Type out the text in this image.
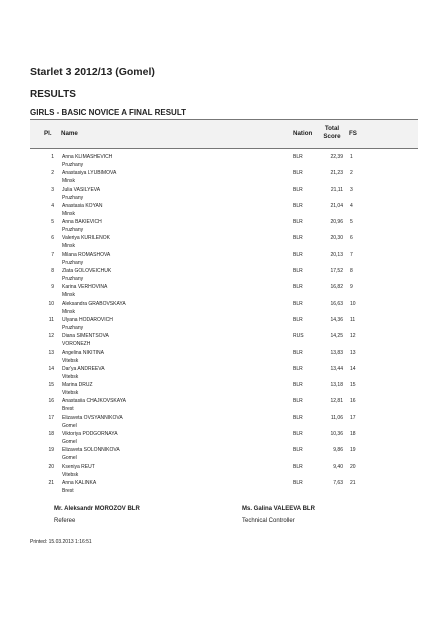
Starlet 3 2012/13 (Gomel)
RESULTS
GIRLS - BASIC NOVICE A FINAL RESULT
Pl. Name	Nation
Total
Score	FS
1 Anna KLIMASHEVICH
Pruzhany
BLR	22,39 1
2 Anastasiya LYUBIMOVA
Minsk
BLR	21,23 2
3 Julia VASILYEVA
Pruzhany
BLR	21,11 3
4 Anastasia KOYAN
Minsk
BLR	21,04 4
5 Anna BAKIEVICH
Pruzhany
BLR	20,96 5
6 Valeriya KURILENOK
Minsk
BLR	20,30 6
7 Milana ROMASHOVA
Pruzhany
BLR	20,13 7
8 Zlata GOLOVEICHUK
Pruzhany
BLR	17,52 8
9 Karina VERHOVINA
Minsk
BLR	16,82 9
10 Aleksandra GRABOVSKAYA
Minsk
BLR	16,63 10
11 Ulyana HODAROVICH
Pruzhany
BLR	14,36 11
12 Diana SIMENTSOVA
VORONEZH
RUS	14,25 12
13 Angelina NIKITINA
Vitebsk
BLR	13,83 13
14 Dar'ya ANDREEVA
Vitebsk
BLR	13,44 14
15 Marina DRUZ
Vitebsk
BLR	13,18 15
16 Anastasiia CHAJKOVSKAYA
Brest
BLR	12,81 16
17 Elizaveta OVSYANNIKOVA
Gomel
BLR	11,06 17
18 Viktoriya PODGORNAYA
Gomel
BLR	10,36 18
19 Elizaveta SOLONNIKOVA
Gomel
BLR	9,86 19
20 Kseniya REUT
Vitebsk
BLR	9,40 20
21 Anna KALINKA
Brest
BLR	7,63 21
Mr. Aleksandr MOROZOV BLR
Referee
Ms. Galina VALEEVA BLR
Technical Controller
Printed: 15.03.2013 1:16:51
